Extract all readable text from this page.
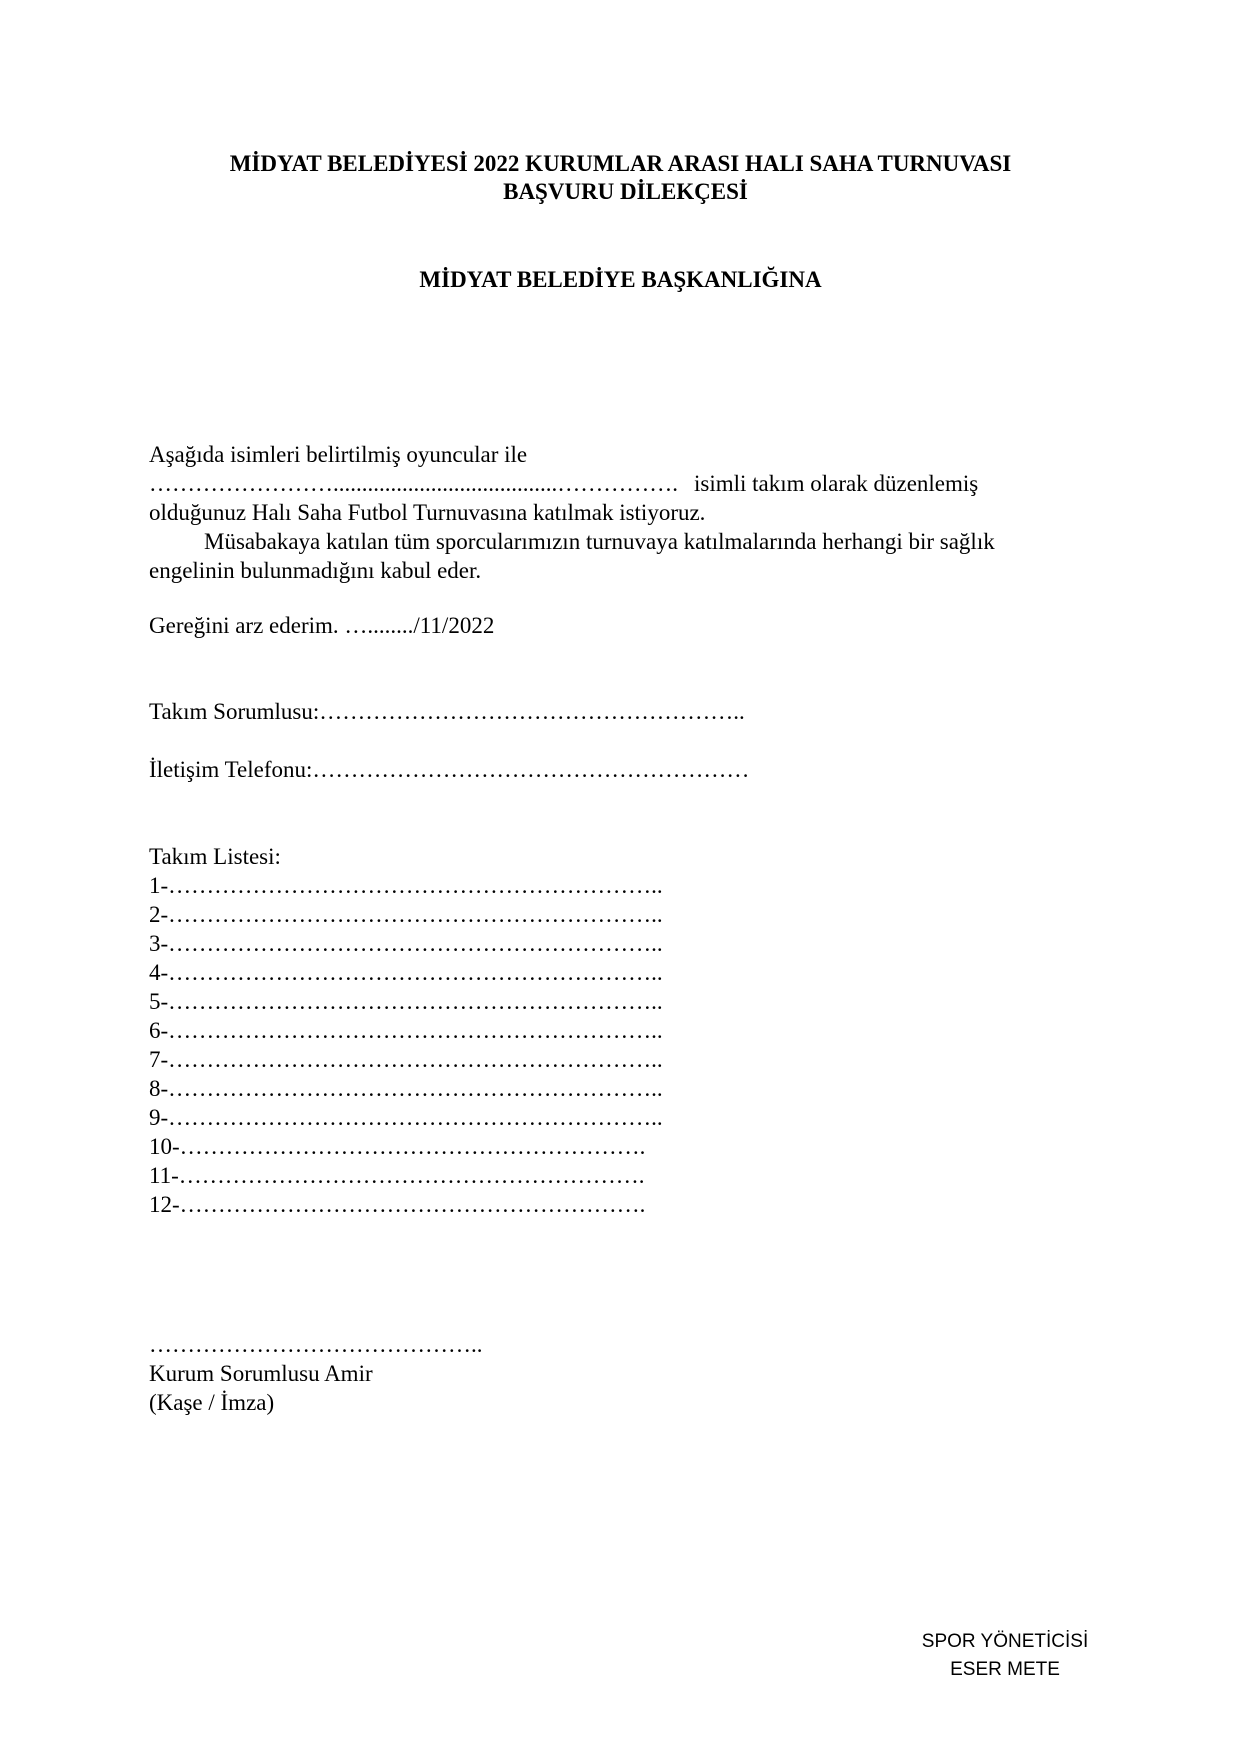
MİDYAT BELEDİYESİ 2022 KURUMLAR ARASI HALI SAHA TURNUVASI
BAŞVURU DİLEKÇESİ
MİDYAT BELEDİYE BAŞKANLIĞINA
Aşağıda isimleri belirtilmiş oyuncular ile
…………………….......................................……………. isimli takım olarak düzenlemiş
olduğunuz Halı Saha Futbol Turnuvasına katılmak istiyoruz.
Müsabakaya katılan tüm sporcularımızın turnuvaya katılmalarında herhangi bir sağlık
engelinin bulunmadığını kabul eder.
Gereğini arz ederim. …......../11/2022
Takım Sorumlusu:………………………………………………..
İletişim Telefonu:…………………………………………………
Takım Listesi:
1-………………………………………………………..
2-………………………………………………………..
3-………………………………………………………..
4-………………………………………………………..
5-………………………………………………………..
6-………………………………………………………..
7-………………………………………………………..
8-………………………………………………………..
9-………………………………………………………..
10-…………………………………………………….
11-…………………………………………………….
12-…………………………………………………….
……………………………………..
Kurum Sorumlusu Amir
(Kaşe / İmza)
SPOR YÖNETİCİSİ
ESER METE
